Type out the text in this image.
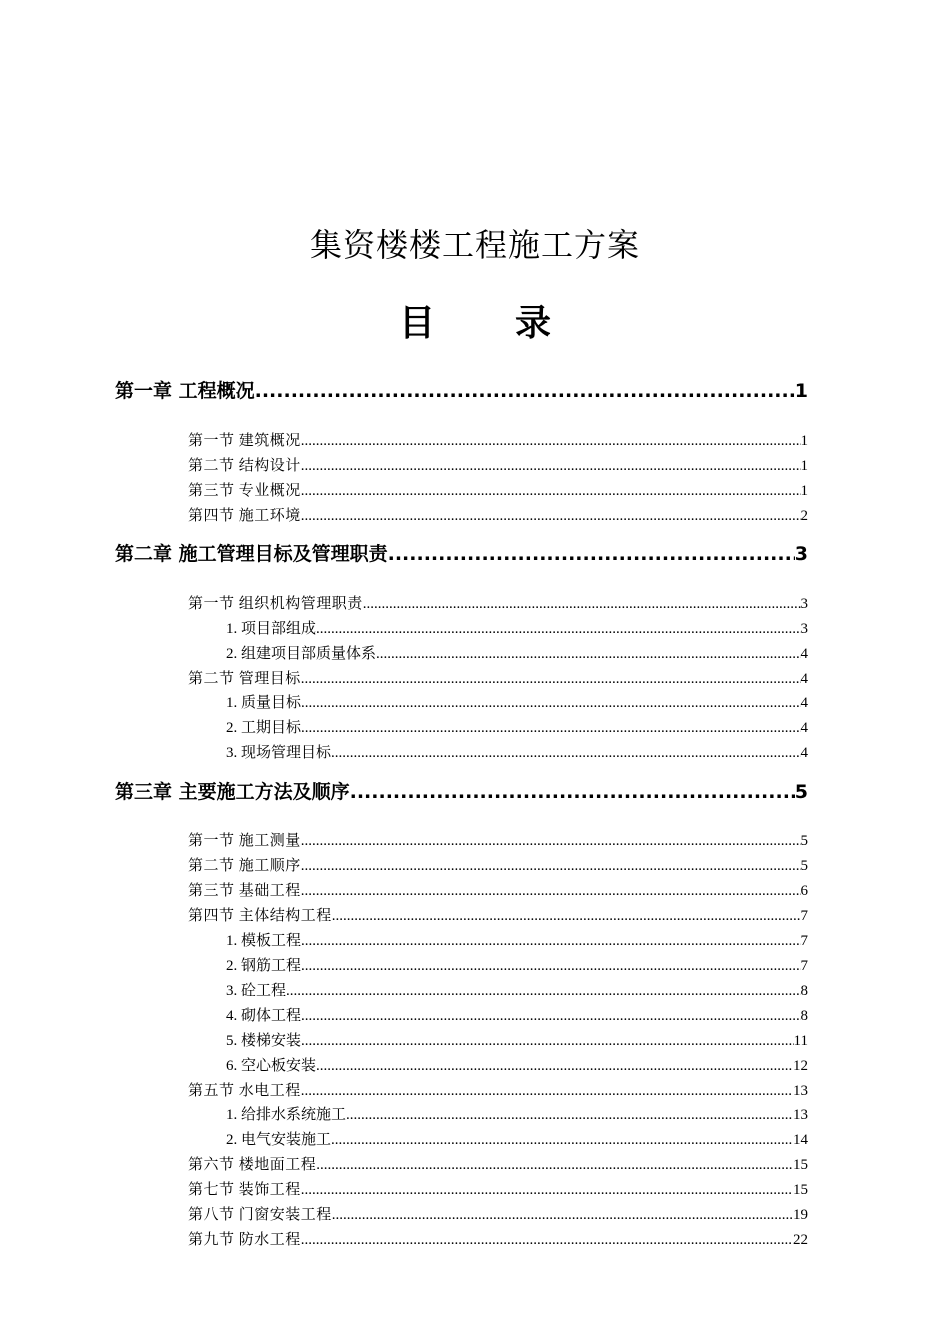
集资楼楼工程施工方案
目 录
第一章 工程概况 .....	1
第一节 建筑概况 .....	1
第二节 结构设计 .....	1
第三节 专业概况 .....	1
第四节 施工环境 .....	2
第二章 施工管理目标及管理职责 .....	3
第一节 组织机构管理职责 .....	3
1. 项目部组成 .....	3
2. 组建项目部质量体系 .....	4
第二节 管理目标 .....	4
1. 质量目标 .....	4
2. 工期目标 .....	4
3. 现场管理目标 .....	4
第三章 主要施工方法及顺序 .....	5
第一节 施工测量 .....	5
第二节 施工顺序 .....	5
第三节 基础工程 .....	6
第四节 主体结构工程 .....	7
1. 模板工程 .....	7
2. 钢筋工程 .....	7
3. 砼工程 .....	8
4. 砌体工程 .....	8
5. 楼梯安装 .....	11
6. 空心板安装 .....	12
第五节 水电工程 .....	13
1. 给排水系统施工 .....	13
2. 电气安装施工 .....	14
第六节 楼地面工程 .....	15
第七节 装饰工程 .....	15
第八节 门窗安装工程 .....	19
第九节 防水工程 .....	22
